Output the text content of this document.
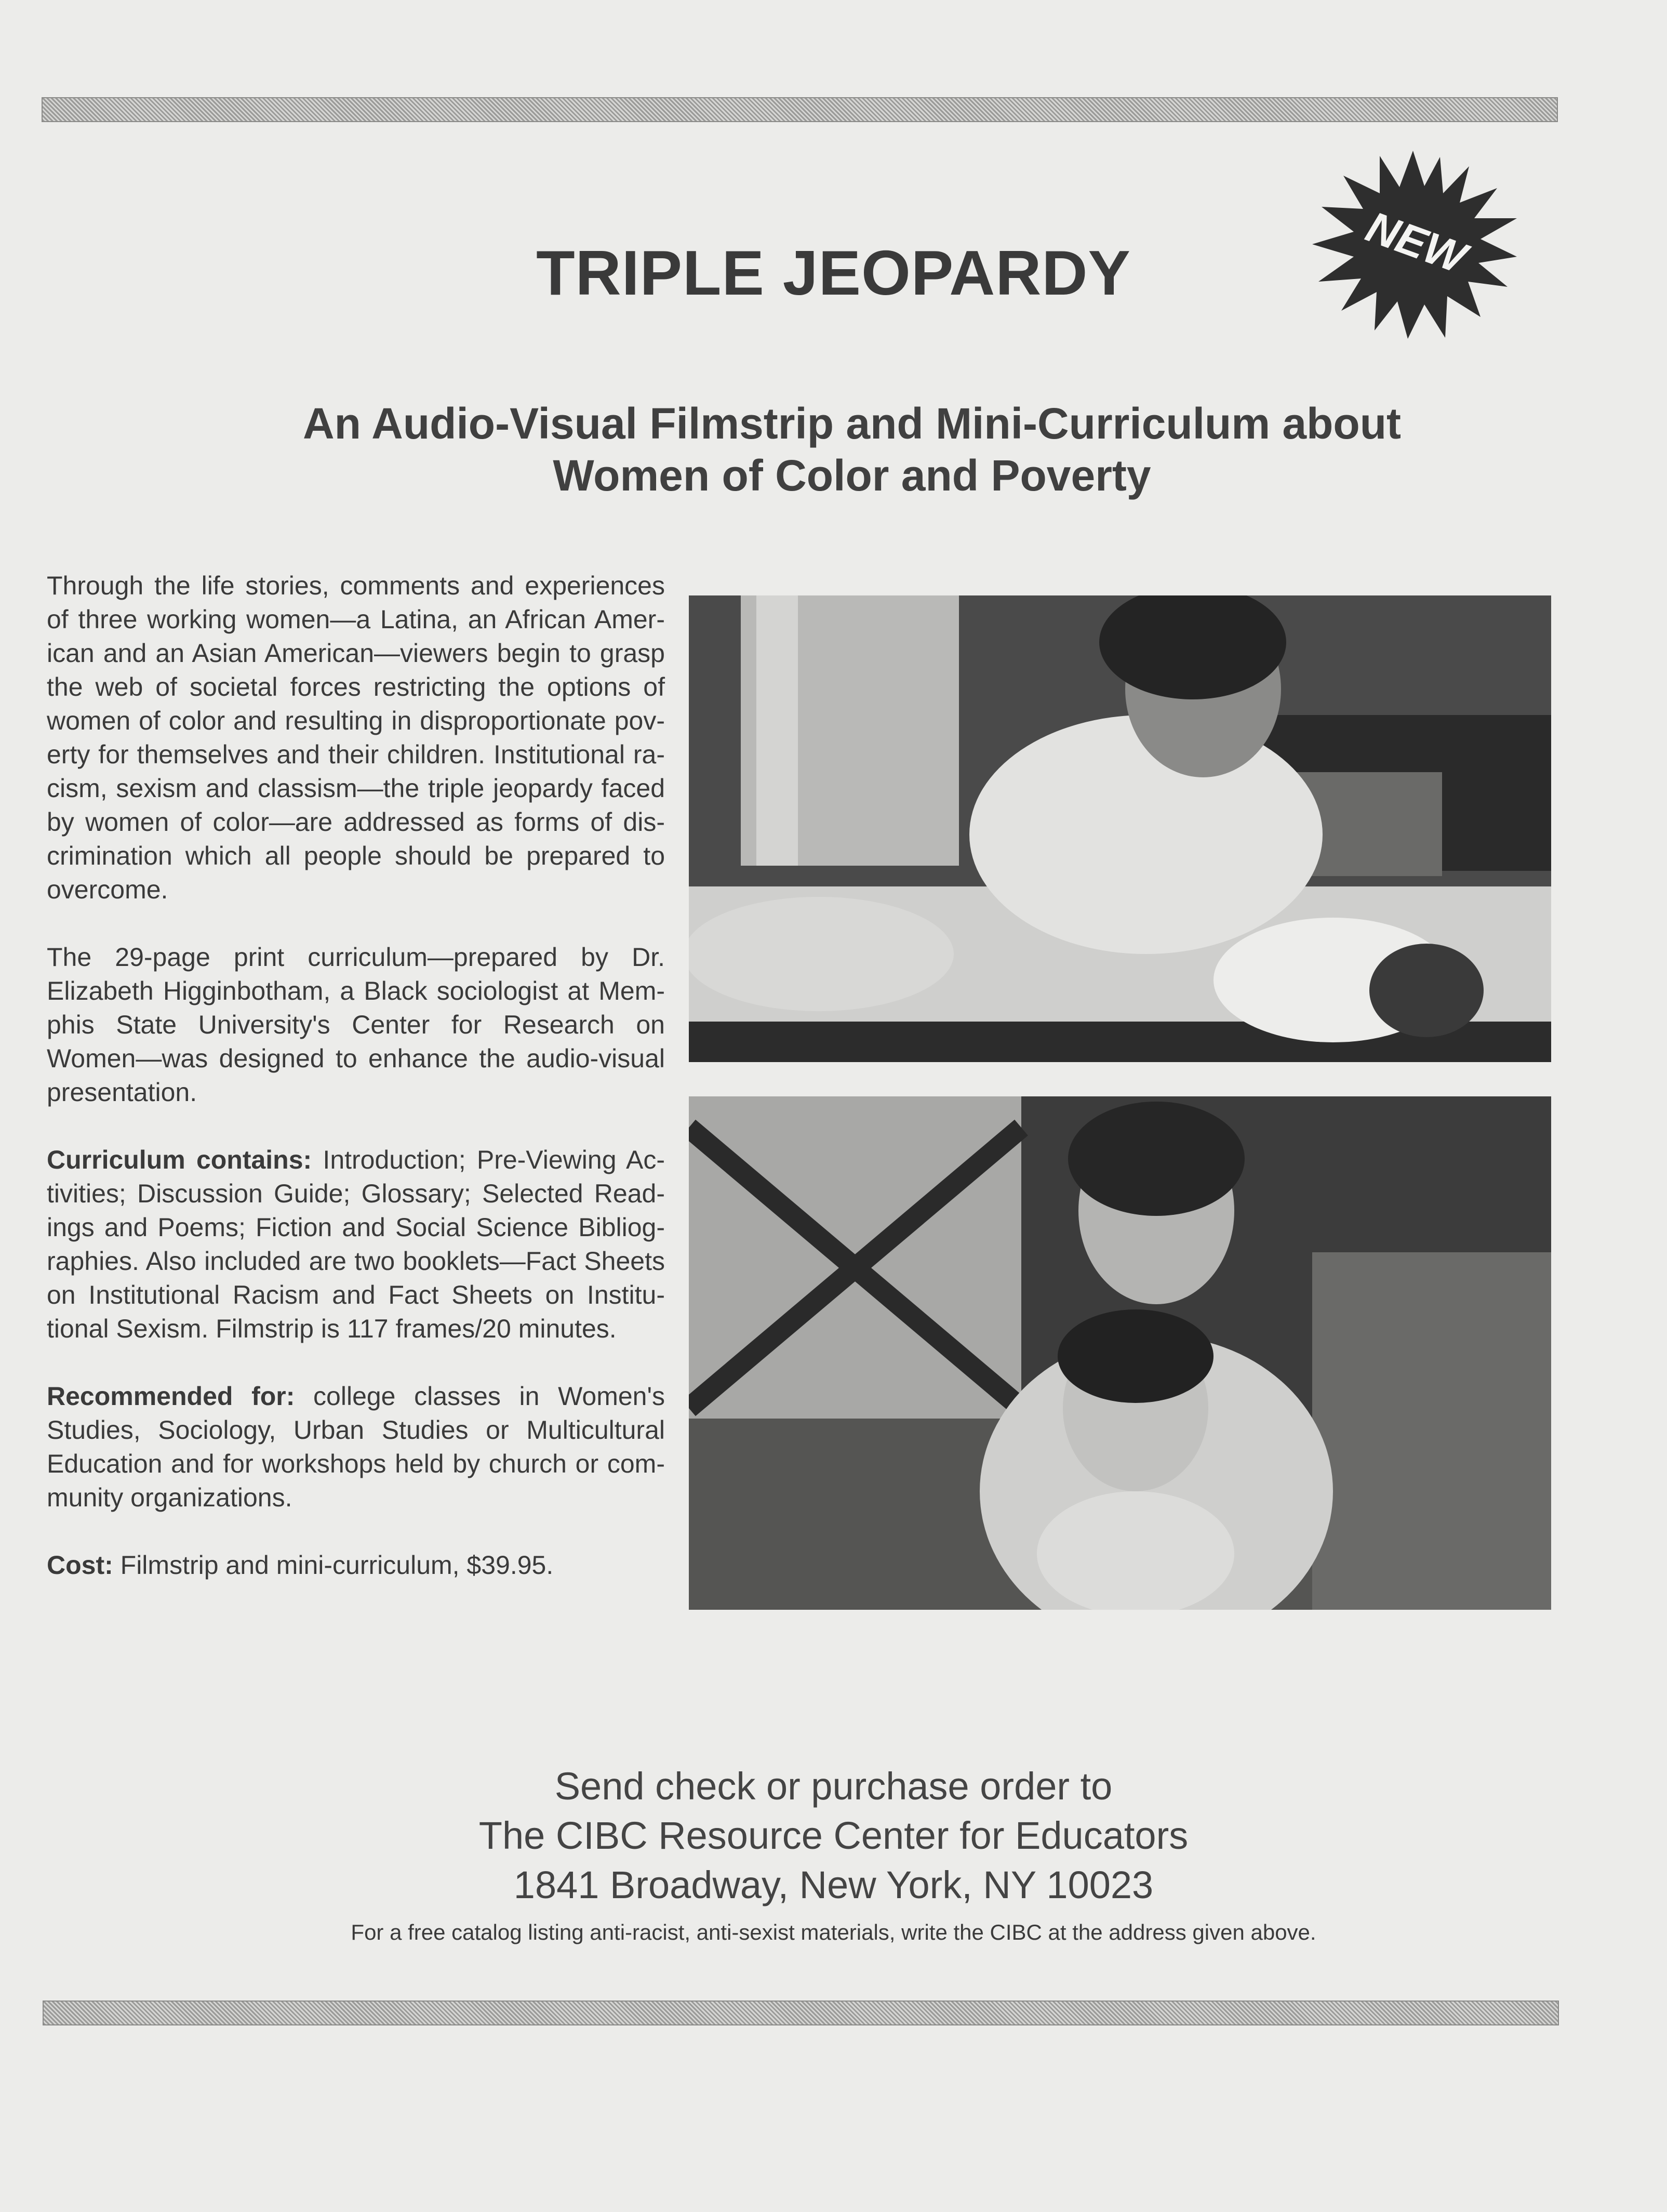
NEW
TRIPLE JEOPARDY
An Audio-Visual Filmstrip and Mini-Curriculum about
Women of Color and Poverty

Through the life stories, comments and experiences of three working women—a Latina, an African American and an Asian American—viewers begin to grasp the web of societal forces restricting the options of women of color and resulting in disproportionate poverty for themselves and their children. Institutional racism, sexism and classism—the triple jeopardy faced by women of color—are addressed as forms of discrimination which all people should be prepared to overcome.

The 29-page print curriculum—prepared by Dr. Elizabeth Higginbotham, a Black sociologist at Memphis State University's Center for Research on Women—was designed to enhance the audio-visual presentation.

Curriculum contains: Introduction; Pre-Viewing Activities; Discussion Guide; Glossary; Selected Readings and Poems; Fiction and Social Science Bibliographies. Also included are two booklets—Fact Sheets on Institutional Racism and Fact Sheets on Institutional Sexism. Filmstrip is 117 frames/20 minutes.

Recommended for: college classes in Women's Studies, Sociology, Urban Studies or Multicultural Education and for workshops held by church or community organizations.

Cost: Filmstrip and mini-curriculum, $39.95.

Send check or purchase order to
The CIBC Resource Center for Educators
1841 Broadway, New York, NY 10023
For a free catalog listing anti-racist, anti-sexist materials, write the CIBC at the address given above.
